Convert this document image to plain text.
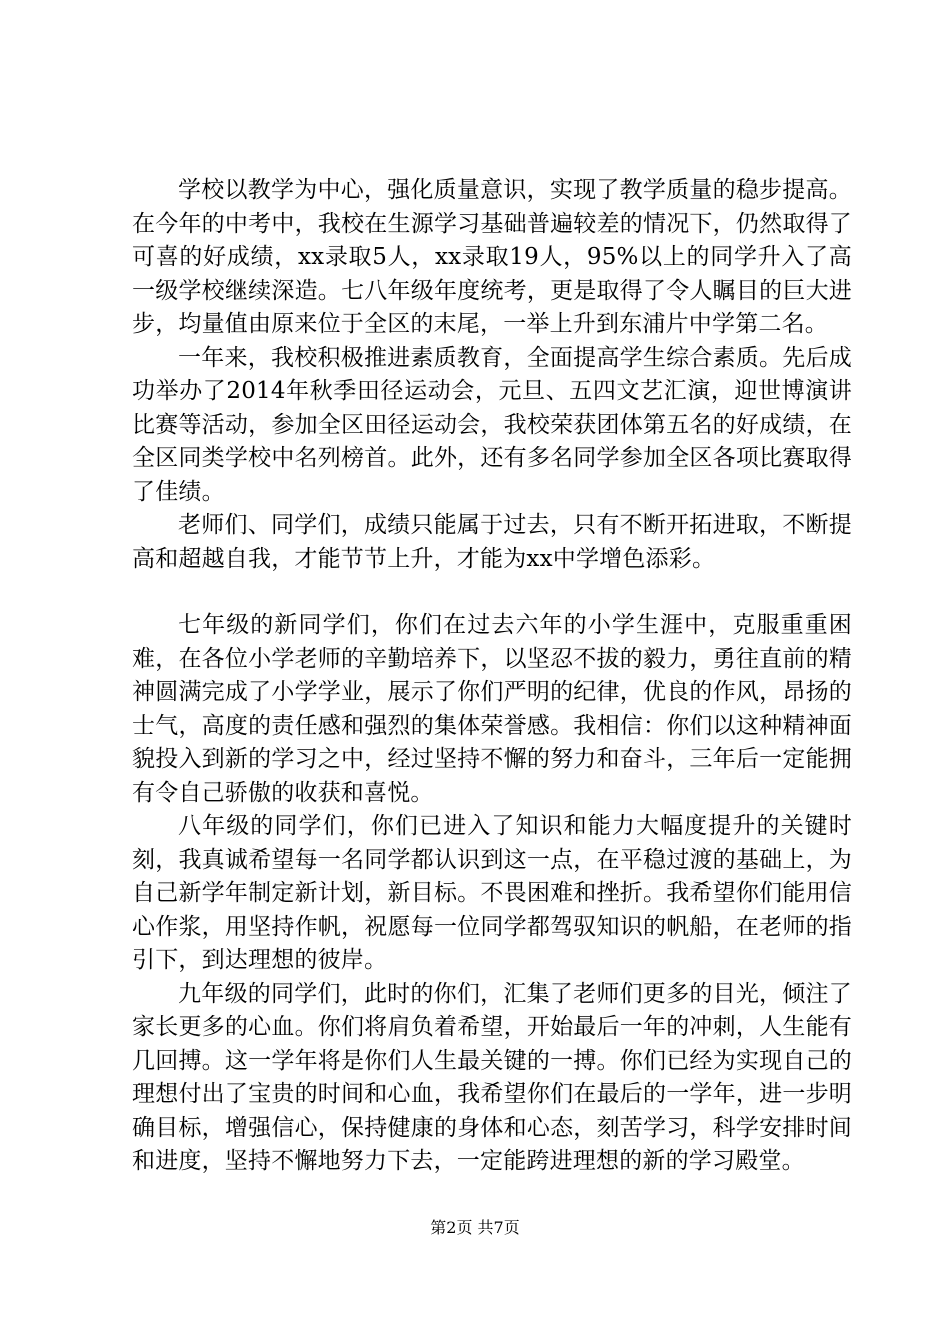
学校以教学为中心，强化质量意识，实现了教学质量的稳步提高。在今年的中考中，我校在生源学习基础普遍较差的情况下，仍然取得了可喜的好成绩，xx录取5人，xx录取19人，95%以上的同学升入了高一级学校继续深造。七八年级年度统考，更是取得了令人瞩目的巨大进步，均量值由原来位于全区的末尾，一举上升到东浦片中学第二名。

一年来，我校积极推进素质教育，全面提高学生综合素质。先后成功举办了2014年秋季田径运动会，元旦、五四文艺汇演，迎世博演讲比赛等活动，参加全区田径运动会，我校荣获团体第五名的好成绩，在全区同类学校中名列榜首。此外，还有多名同学参加全区各项比赛取得了佳绩。

老师们、同学们，成绩只能属于过去，只有不断开拓进取，不断提高和超越自我，才能节节上升，才能为xx中学增色添彩。

七年级的新同学们，你们在过去六年的小学生涯中，克服重重困难，在各位小学老师的辛勤培养下，以坚忍不拔的毅力，勇往直前的精神圆满完成了小学学业，展示了你们严明的纪律，优良的作风，昂扬的士气，高度的责任感和强烈的集体荣誉感。我相信：你们以这种精神面貌投入到新的学习之中，经过坚持不懈的努力和奋斗，三年后一定能拥有令自己骄傲的收获和喜悦。

八年级的同学们，你们已进入了知识和能力大幅度提升的关键时刻，我真诚希望每一名同学都认识到这一点，在平稳过渡的基础上，为自己新学年制定新计划，新目标。不畏困难和挫折。我希望你们能用信心作浆，用坚持作帆，祝愿每一位同学都驾驭知识的帆船，在老师的指引下，到达理想的彼岸。

九年级的同学们，此时的你们，汇集了老师们更多的目光，倾注了家长更多的心血。你们将肩负着希望，开始最后一年的冲刺，人生能有几回搏。这一学年将是你们人生最关键的一搏。你们已经为实现自己的理想付出了宝贵的时间和心血，我希望你们在最后的一学年，进一步明确目标，增强信心，保持健康的身体和心态，刻苦学习，科学安排时间和进度，坚持不懈地努力下去，一定能跨进理想的新的学习殿堂。

第2页 共7页
